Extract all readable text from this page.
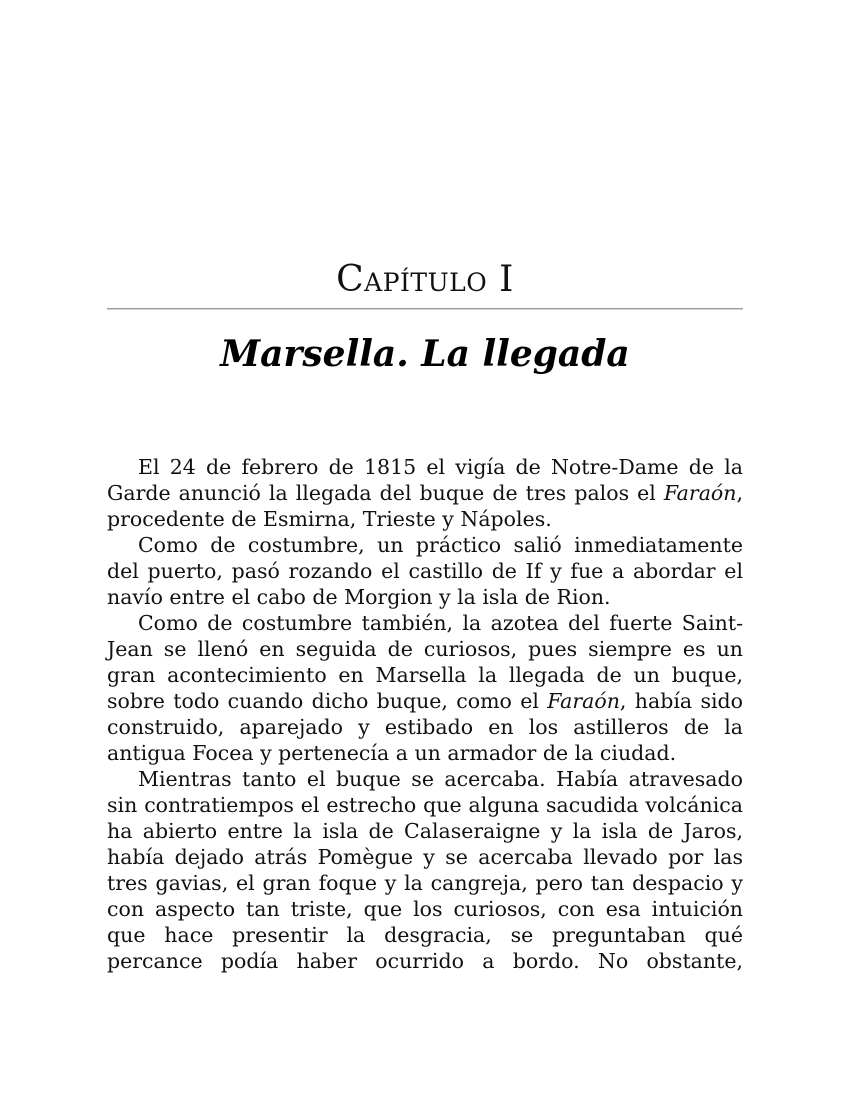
Capítulo I
Marsella. La llegada

El 24 de febrero de 1815 el vigía de Notre-Dame de la Garde anunció la llegada del buque de tres palos el Faraón, procedente de Esmirna, Trieste y Nápoles.

Como de costumbre, un práctico salió inmediatamente del puerto, pasó rozando el castillo de If y fue a abordar el navío entre el cabo de Morgion y la isla de Rion.

Como de costumbre también, la azotea del fuerte Saint-Jean se llenó en seguida de curiosos, pues siempre es un gran acontecimiento en Marsella la llegada de un buque, sobre todo cuando dicho buque, como el Faraón, había sido construido, aparejado y estibado en los astilleros de la antigua Focea y pertenecía a un armador de la ciudad.

Mientras tanto el buque se acercaba. Había atravesado sin contratiempos el estrecho que alguna sacudida volcánica ha abierto entre la isla de Calaseraigne y la isla de Jaros, había dejado atrás Pomègue y se acercaba llevado por las tres gavias, el gran foque y la cangreja, pero tan despacio y con aspecto tan triste, que los curiosos, con esa intuición que hace presentir la desgracia, se preguntaban qué percance podía haber ocurrido a bordo. No obstante,
